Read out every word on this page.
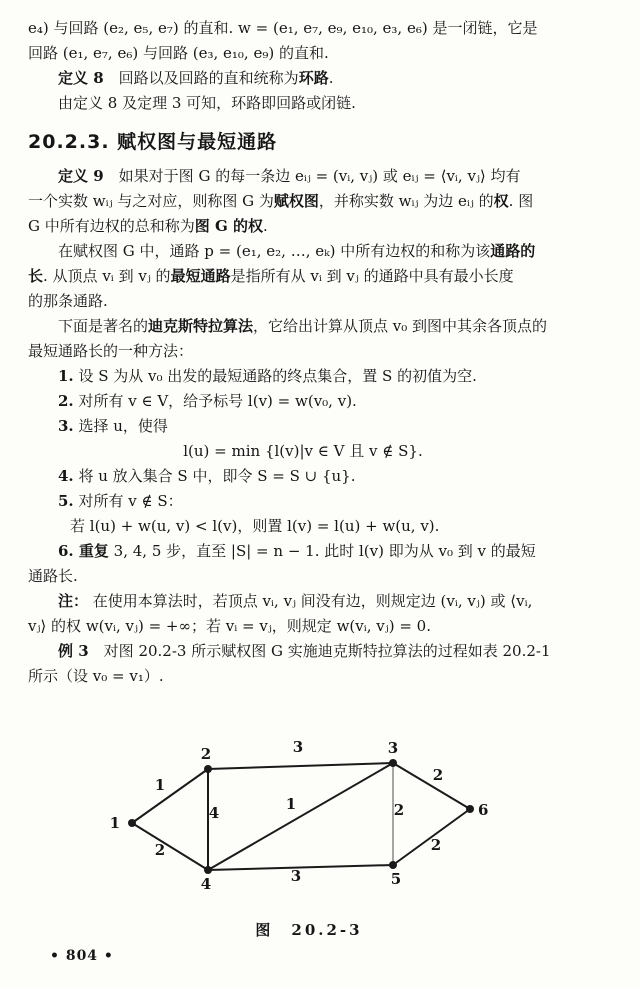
e₄) 与回路 (e₂, e₅, e₇) 的直和. w = (e₁, e₇, e₉, e₁₀, e₃, e₆) 是一闭链，它是
回路 (e₁, e₇, e₆) 与回路 (e₃, e₁₀, e₉) 的直和.
定义 8　回路以及回路的直和统称为环路.
由定义 8 及定理 3 可知，环路即回路或闭链.
20.2.3. 赋权图与最短通路
定义 9　如果对于图 G 的每一条边 eᵢⱼ = (vᵢ, vⱼ) 或 eᵢⱼ = ⟨vᵢ, vⱼ⟩ 均有
一个实数 wᵢⱼ 与之对应，则称图 G 为赋权图，并称实数 wᵢⱼ 为边 eᵢⱼ 的权. 图
G 中所有边权的总和称为图 G 的权.
在赋权图 G 中，通路 p = (e₁, e₂, …, eₖ) 中所有边权的和称为该通路的
长. 从顶点 vᵢ 到 vⱼ 的最短通路是指所有从 vᵢ 到 vⱼ 的通路中具有最小长度
的那条通路.
下面是著名的迪克斯特拉算法，它给出计算从顶点 v₀ 到图中其余各顶点的
最短通路长的一种方法：
1. 设 S 为从 v₀ 出发的最短通路的终点集合，置 S 的初值为空.
2. 对所有 v ∈ V，给予标号 l(v) = w(v₀, v).
3. 选择 u，使得
l(u) = min {l(v)|v ∈ V 且 v ∉ S}.
4. 将 u 放入集合 S 中，即令 S = S ∪ {u}.
5. 对所有 v ∉ S：
若 l(u) + w(u, v) < l(v)，则置 l(v) = l(u) + w(u, v).
6. 重复 3, 4, 5 步，直至 |S| = n − 1. 此时 l(v) 即为从 v₀ 到 v 的最短
通路长.
注： 在使用本算法时，若顶点 vᵢ, vⱼ 间没有边，则规定边 (vᵢ, vⱼ) 或 ⟨vᵢ,
vⱼ⟩ 的权 w(vᵢ, vⱼ) = +∞；若 vᵢ = vⱼ，则规定 w(vᵢ, vⱼ) = 0.
例 3　对图 20.2-3 所示赋权图 G 实施迪克斯特拉算法的过程如表 20.2-1
所示（设 v₀ = v₁）.
1
2
3
4	1	2
2
3
2
1
2	3
4	5
6
图　20.2-3
• 804 •
